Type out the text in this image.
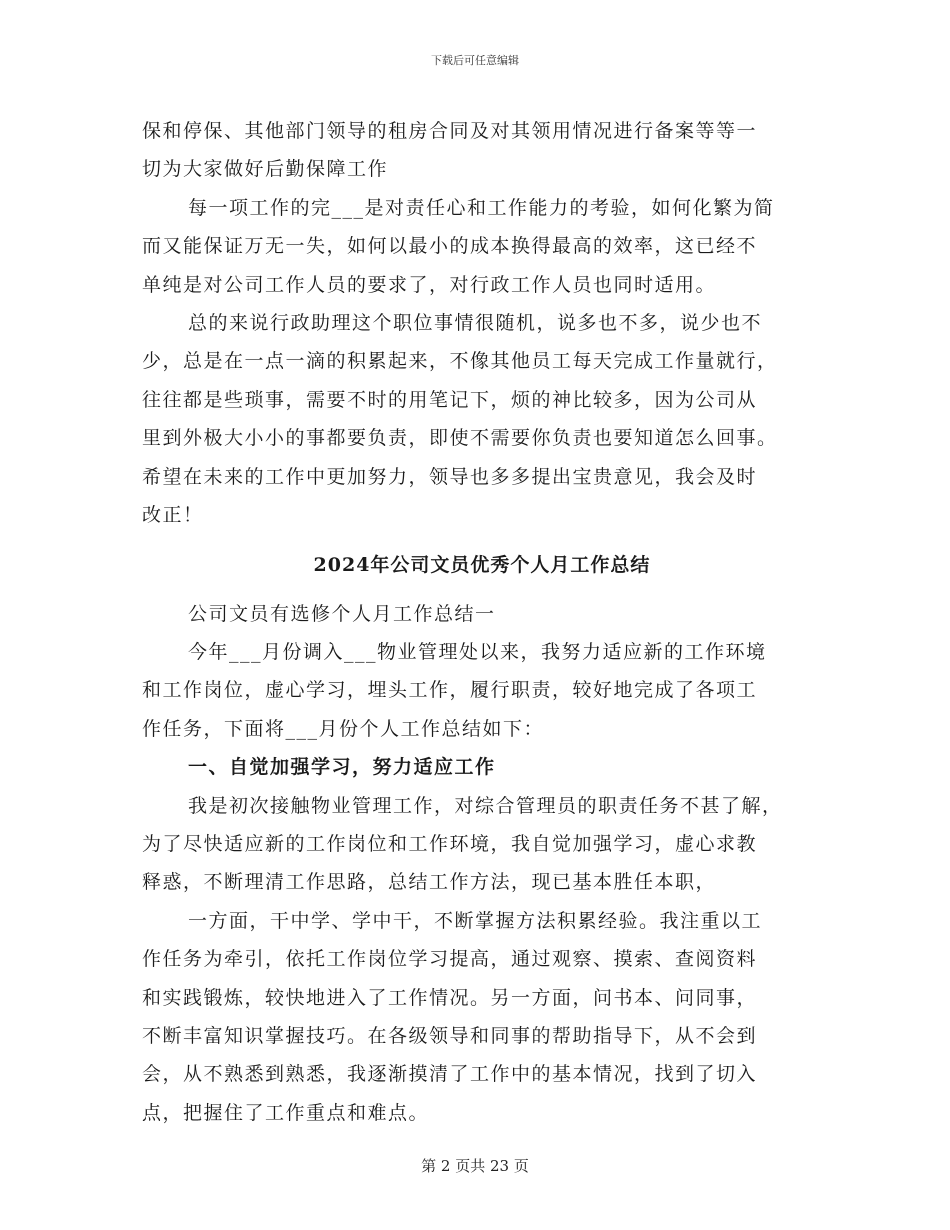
下载后可任意编辑
保和停保、其他部门领导的租房合同及对其领用情况进行备案等等一
切为大家做好后勤保障工作
每一项工作的完___是对责任心和工作能力的考验，如何化繁为简
而又能保证万无一失，如何以最小的成本换得最高的效率，这已经不
单纯是对公司工作人员的要求了，对行政工作人员也同时适用。
总的来说行政助理这个职位事情很随机，说多也不多，说少也不
少，总是在一点一滴的积累起来，不像其他员工每天完成工作量就行，
往往都是些琐事，需要不时的用笔记下，烦的神比较多，因为公司从
里到外极大小小的事都要负责，即使不需要你负责也要知道怎么回事。
希望在未来的工作中更加努力，领导也多多提出宝贵意见，我会及时
改正！
2024年公司文员优秀个人月工作总结
公司文员有选修个人月工作总结一
今年___月份调入___物业管理处以来，我努力适应新的工作环境
和工作岗位，虚心学习，埋头工作，履行职责，较好地完成了各项工
作任务，下面将___月份个人工作总结如下：
一、自觉加强学习，努力适应工作
我是初次接触物业管理工作，对综合管理员的职责任务不甚了解，
为了尽快适应新的工作岗位和工作环境，我自觉加强学习，虚心求教
释惑，不断理清工作思路，总结工作方法，现已基本胜任本职，
一方面，干中学、学中干，不断掌握方法积累经验。我注重以工
作任务为牵引，依托工作岗位学习提高，通过观察、摸索、查阅资料
和实践锻炼，较快地进入了工作情况。另一方面，问书本、问同事，
不断丰富知识掌握技巧。在各级领导和同事的帮助指导下，从不会到
会，从不熟悉到熟悉，我逐渐摸清了工作中的基本情况，找到了切入
点，把握住了工作重点和难点。
第 2 页共 23 页
